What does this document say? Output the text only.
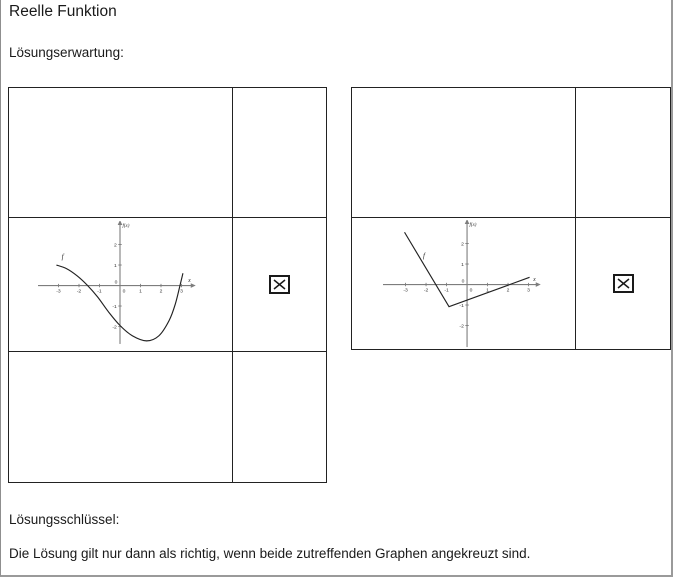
Reelle Funktion
Lösungserwartung:
-3	-2	-1	1	2	3
-2
-1
1
2
0
0
f(x)
x
f
-3	-2	-1	1	2	3
-2
-1
1
2
0
0
f(x)
x
f
Lösungsschlüssel:
Die Lösung gilt nur dann als richtig, wenn beide zutreffenden Graphen angekreuzt sind.
